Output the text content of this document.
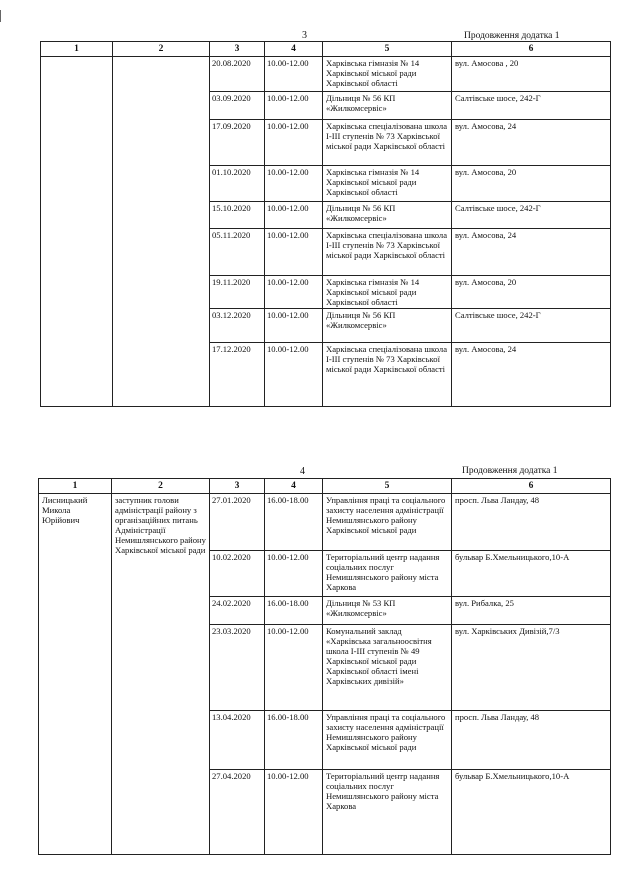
3	Продовження додатка 1
1	2	3	4	5	6
		20.08.2020	10.00-12.00	Харківська гімназія № 14 Харківської міської ради Харківської області	вул. Амосова , 20
		03.09.2020	10.00-12.00	Дільниця № 56 КП «Жилкомсервіс»	Салтівське шосе, 242-Г
		17.09.2020	10.00-12.00	Харківська спеціалізована школа І-ІІІ ступенів № 73 Харківської міської ради Харківської області	вул. Амосова, 24
		01.10.2020	10.00-12.00	Харківська гімназія № 14 Харківської міської ради Харківської області	вул. Амосова, 20
		15.10.2020	10.00-12.00	Дільниця № 56 КП «Жилкомсервіс»	Салтівське шосе, 242-Г
		05.11.2020	10.00-12.00	Харківська спеціалізована школа І-ІІІ ступенів № 73 Харківської міської ради Харківської області	вул. Амосова, 24
		19.11.2020	10.00-12.00	Харківська гімназія № 14 Харківської міської ради Харківської області	вул. Амосова, 20
		03.12.2020	10.00-12.00	Дільниця № 56 КП «Жилкомсервіс»	Салтівське шосе, 242-Г
		17.12.2020	10.00-12.00	Харківська спеціалізована школа І-ІІІ ступенів № 73 Харківської міської ради Харківської області	вул. Амосова, 24
4	Продовження додатка 1
1	2	3	4	5	6
Лисницький Микола Юрійович	заступник голови адміністрації району з організаційних питань Адміністрації Немишлянського району Харківської міської ради	27.01.2020	16.00-18.00	Управління праці та соціального захисту населення адміністрації Немишлянського району Харківської міської ради	просп. Льва Ландау, 48
		10.02.2020	10.00-12.00	Територіальний центр надання соціальних послуг Немишлянського району міста Харкова	бульвар Б.Хмельницького,10-А
		24.02.2020	16.00-18.00	Дільниця № 53 КП «Жилкомсервіс»	вул. Рибалка, 25
		23.03.2020	10.00-12.00	Комунальний заклад «Харківська загальноосвітня школа І-ІІІ ступенів № 49 Харківської міської ради Харківської області імені Харківських дивізій»	вул. Харківських Дивізій,7/3
		13.04.2020	16.00-18.00	Управління праці та соціального захисту населення адміністрації Немишлянського району Харківської міської ради	просп. Льва Ландау, 48
		27.04.2020	10.00-12.00	Територіальний центр надання соціальних послуг Немишлянського району міста Харкова	бульвар Б.Хмельницького,10-А
